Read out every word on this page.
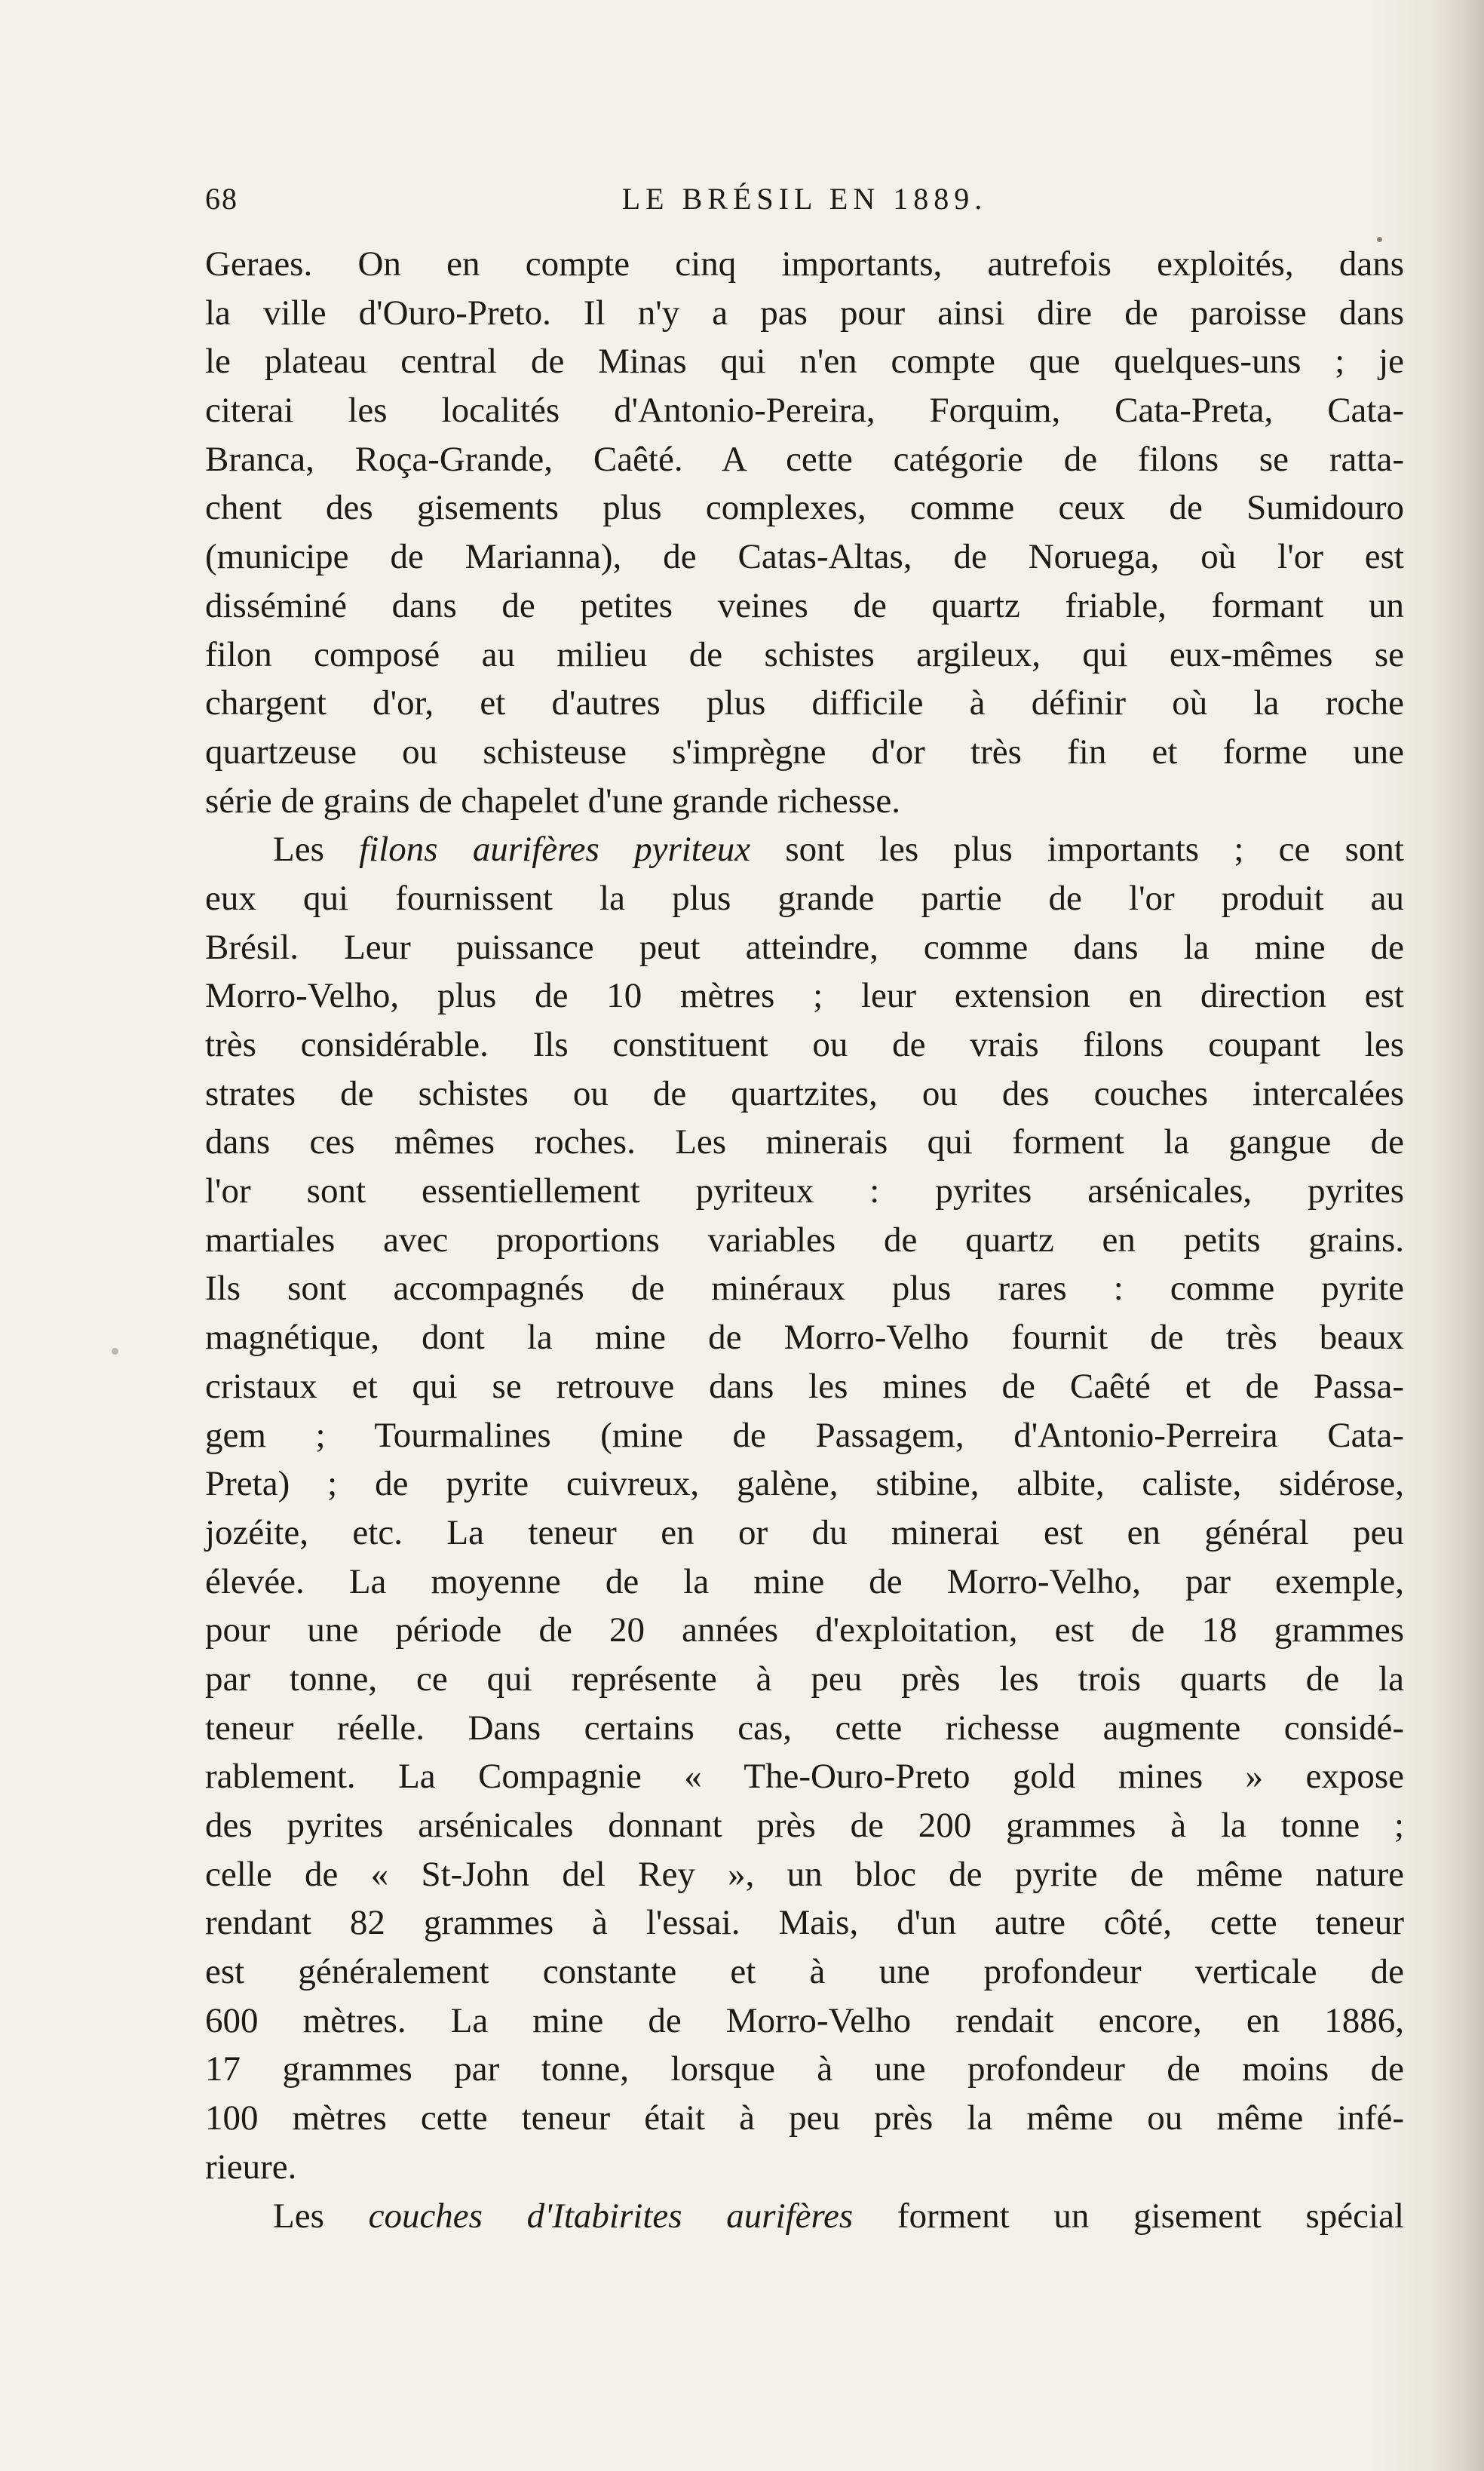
68	LE BRÉSIL EN 1889.
Geraes. On en compte cinq importants, autrefois exploités, dans
la ville d'Ouro-Preto. Il n'y a pas pour ainsi dire de paroisse dans
le plateau central de Minas qui n'en compte que quelques-uns ; je
citerai les localités d'Antonio-Pereira, Forquim, Cata-Preta, Cata-
Branca, Roça-Grande, Caêté. A cette catégorie de filons se ratta-
chent des gisements plus complexes, comme ceux de Sumidouro
(municipe de Marianna), de Catas-Altas, de Noruega, où l'or est
disséminé dans de petites veines de quartz friable, formant un
filon composé au milieu de schistes argileux, qui eux-mêmes se
chargent d'or, et d'autres plus difficile à définir où la roche
quartzeuse ou schisteuse s'imprègne d'or très fin et forme une
série de grains de chapelet d'une grande richesse.
Les filons aurifères pyriteux sont les plus importants ; ce sont
eux qui fournissent la plus grande partie de l'or produit au
Brésil. Leur puissance peut atteindre, comme dans la mine de
Morro-Velho, plus de 10 mètres ; leur extension en direction est
très considérable. Ils constituent ou de vrais filons coupant les
strates de schistes ou de quartzites, ou des couches intercalées
dans ces mêmes roches. Les minerais qui forment la gangue de
l'or sont essentiellement pyriteux : pyrites arsénicales, pyrites
martiales avec proportions variables de quartz en petits grains.
Ils sont accompagnés de minéraux plus rares : comme pyrite
magnétique, dont la mine de Morro-Velho fournit de très beaux
cristaux et qui se retrouve dans les mines de Caêté et de Passa-
gem ; Tourmalines (mine de Passagem, d'Antonio-Perreira Cata-
Preta) ; de pyrite cuivreux, galène, stibine, albite, caliste, sidérose,
jozéite, etc. La teneur en or du minerai est en général peu
élevée. La moyenne de la mine de Morro-Velho, par exemple,
pour une période de 20 années d'exploitation, est de 18 grammes
par tonne, ce qui représente à peu près les trois quarts de la
teneur réelle. Dans certains cas, cette richesse augmente considé-
rablement. La Compagnie « The-Ouro-Preto gold mines » expose
des pyrites arsénicales donnant près de 200 grammes à la tonne ;
celle de « St-John del Rey », un bloc de pyrite de même nature
rendant 82 grammes à l'essai. Mais, d'un autre côté, cette teneur
est généralement constante et à une profondeur verticale de
600 mètres. La mine de Morro-Velho rendait encore, en 1886,
17 grammes par tonne, lorsque à une profondeur de moins de
100 mètres cette teneur était à peu près la même ou même infé-
rieure.
Les couches d'Itabirites aurifères forment un gisement spécial
